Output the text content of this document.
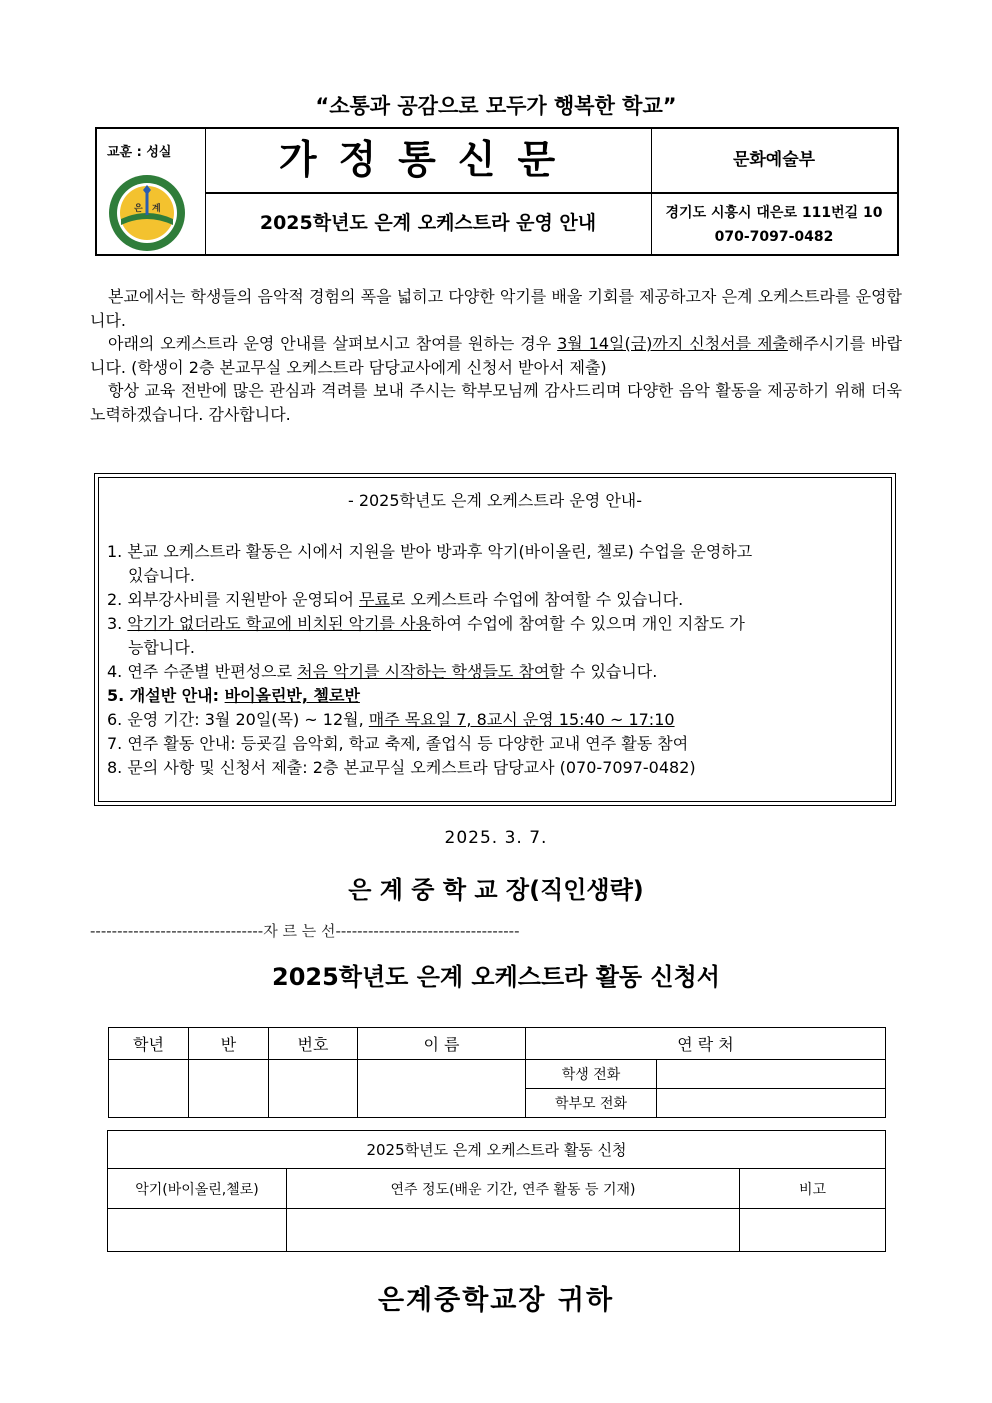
“소통과 공감으로 모두가 행복한 학교”
교훈 : 성실
은 계
가정통신문
2025학년도 은계 오케스트라 운영 안내
문화예술부
경기도 시흥시 대은로 111번길 10
070-7097-0482

본교에서는 학생들의 음악적 경험의 폭을 넓히고 다양한 악기를 배울 기회를 제공하고자 은계 오케스트라를 운영합니다.

아래의 오케스트라 운영 안내를 살펴보시고 참여를 원하는 경우 3월 14일(금)까지 신청서를 제출해주시기를 바랍니다. (학생이 2층 본교무실 오케스트라 담당교사에게 신청서 받아서 제출)

항상 교육 전반에 많은 관심과 격려를 보내 주시는 학부모님께 감사드리며 다양한 음악 활동을 제공하기 위해 더욱 노력하겠습니다. 감사합니다.

- 2025학년도 은계 오케스트라 운영 안내-
1. 본교 오케스트라 활동은 시에서 지원을 받아 방과후 악기(바이올린, 첼로) 수업을 운영하고
있습니다.
2. 외부강사비를 지원받아 운영되어 무료로 오케스트라 수업에 참여할 수 있습니다.
3. 악기가 없더라도 학교에 비치된 악기를 사용하여 수업에 참여할 수 있으며 개인 지참도 가
능합니다.
4. 연주 수준별 반편성으로 처음 악기를 시작하는 학생들도 참여할 수 있습니다.
5. 개설반 안내: 바이올린반, 첼로반
6. 운영 기간: 3월 20일(목) ~ 12월, 매주 목요일 7, 8교시 운영 15:40 ~ 17:10
7. 연주 활동 안내: 등굣길 음악회, 학교 축제, 졸업식 등 다양한 교내 연주 활동 참여
8. 문의 사항 및 신청서 제출: 2층 본교무실 오케스트라 담당교사 (070-7097-0482)
2025. 3. 7.
은 계 중 학 교 장(직인생략)
--------------------------------자 르 는 선----------------------------------
2025학년도 은계 오케스트라 활동 신청서
학년	반	번호	이 름	연 락 처	
				학생 전화	
				학부모 전화	
2025학년도 은계 오케스트라 활동 신청		
악기(바이올린,첼로)	연주 정도(배운 기간, 연주 활동 등 기재)	비고

은계중학교장 귀하
